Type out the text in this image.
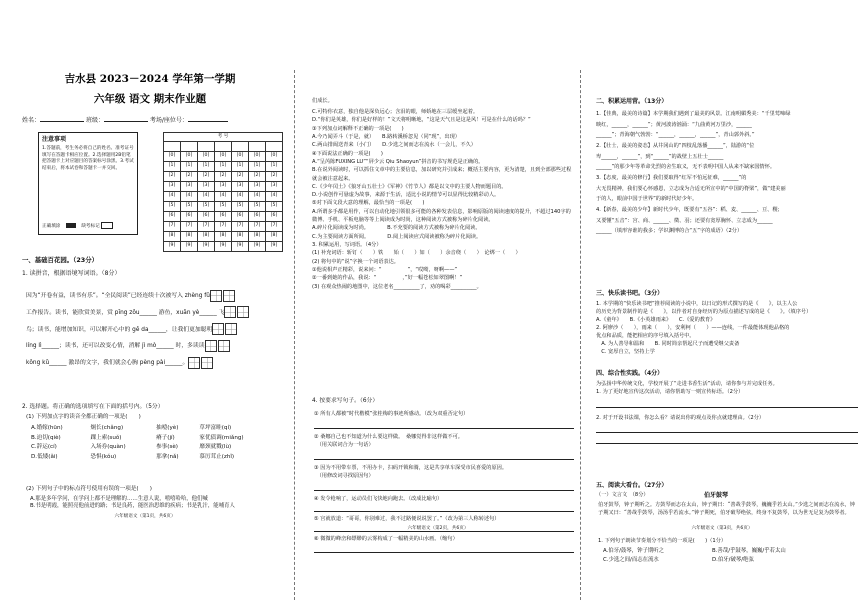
吉水县 2023－2024 学年第一学期
六年级 语文 期末作业题
姓名：	班级：	考场/座位号：
注意事项
1.答题前，考生务必将自己的姓名、准考证号填写在答题卡相应位置。2.选择题用2B铅笔把答题卡上对应题目的答案标号涂黑。3.考试结束后，将本试卷和答题卡一并交回。
正确填涂	缺考标记
考 号						

[0]	[0]	[0]	[0]	[0]	[0]	[0]
[1]	[1]	[1]	[1]	[1]	[1]	[1]
[2]	[2]	[2]	[2]	[2]	[2]	[2]
[3]	[3]	[3]	[3]	[3]	[3]	[3]
[4]	[4]	[4]	[4]	[4]	[4]	[4]
[5]	[5]	[5]	[5]	[5]	[5]	[5]
[6]	[6]	[6]	[6]	[6]	[6]	[6]
[7]	[7]	[7]	[7]	[7]	[7]	[7]
[8]	[8]	[8]	[8]	[8]	[8]	[8]
[9]	[9]	[9]	[9]	[9]	[9]	[9]
一、基础百花园。（23分）
1. 读拼音，根据语境写词语。（8分）

因为“开卷有益，读书有乐”。“全民阅读”已经连续十次被写入 zhèng fǔ

工作报告。读书，能欣赏美景，赏 pīng zōu______ 游鱼，xuān yè______ 飞

鸟；读书，能增加知识，可以解开心中的 gě da______，让我们更加聪明

líng lì______；读书，还可以改变心情，消解 jì mò______ 时，多读读

kǒng kǔ______ 激昂的文字，我们就会心胸 pèng pài______。

2. 选择题。将正确的选项填写在下面的括号内。（5分）
(1) 下列加点字的读音全都正确的一项是(　　)
A.婚嫁(hūn)	炯长(chǎng)	抽噎(yè)	草坪富畦(qí)
B.迫切(qiè)	踝上索(suǒ)	瘠子(jí)	家优债调(miǎng)
C.辞运(cí)	入场券(quàn)	参事(sè)	靡颈就戮(lù)
D.低矮(ǎi)	恐惧(kǒu)	那拿(nǎ)	慕厉茸止(zhǐ)
(2) 下列句子中的标点符号使用有误的一项是(　　)

A.那是多年学问，在学问上都不是理解的……生意人说，嘻嘻哈哈，他们喊

B.书是明霞，能照亮他前进的路；书是良药，能医治思维的疾病；书是乳汁，能哺育人

六年级语文（第1页，共6页）
们成长。

C.可特你衣意，独自他是深负远心；含泪的眼，师娇地在三层缓坐起着。

D.“你们是英雄，你们是好样的！”文天将明晰地，“这是天气且是这是风！可是在什么的话吗？”

③下列加点词解释不正确的一项是(　　)

A.今乃闻弄斗（于是，就）　　B.路转溪桥忽见（同“现”，出现）

C.两山排闼送青来（小门）　　D.少选之间而志在流水（一会儿，不久）

④下面说法正确的一项是(　　)

A.“呈芮陈FUXING LU”“屏少云 Qiu Shaoyun”拼音的书写规范是正确的。

B.在说外阅读时，可以抓住文章中的主要信息，加以研究并引成来；概括主要内容，更为清楚，且到全部那些过程就会被注意起来。

C.《少年闰土》《狼牙山五壮士》《军神》《竹节人》都是以文中的主要人物而题目的。

D.小说创作可悬虚为故事，来源于生活，适比小说的情节可以显得比较精彩动人。

⑤对下面文段大意的理解，最恰当的一项是(　　)

A.所谓多手都是用作，可以自动化地引领很多可能的各种发表信息，影响原版的阅读速度的提升，不超过140字的微博、手机、平板电脑等等上阅读成为时尚，这种阅读方式被称为碎片化阅读。

A.碎片化阅读成为时尚。　　　　B.不充要的阅读方式被称为碎片化阅读。

C.为主要阅读方面所阅。　　　　D.阅上阅读应式阅读被称为碎片化阅读。

3. 积累运用，写词语。（4分）

(1) 补充词语：斩钉（　　）铁　　始（　　）如（　　）余音绕（　　）　论绑一（　　）

(2) 将句中的“说”字换一个词语表达。

①他说相声正精彩，说来问：“　　　　　”，“哎呦，呀啊——”

②一番到她的作品，我说：“　　　　　，”好一幅苍松如翠图啊！”

(3) 在观众热闹的地图中，这位老名__________了，劝的喝彩__________。

4. 按要求写句子。（6分）

① 所有人都被“时代楷模”张桂梅的事迹所感动。（改为双重否定句）

② 桑娜自己也不知道为什么要这样做。　桑娜觉得非这样做不可。

　（用关联词合为一句话）

③ 因为不用带车票，不用办卡，扫码开锁和骑，这是共享单车深受市民喜爱的原因。

　（用修改词寻找原因句）

④ 发令枪响了，运动员们飞快地向跑去。（改成比喻句）

⑤ 宫就放道：“哥哥，你别难过，我不过路便说说罢了。”（改为第三人称转述句）

⑥ 微微的峰峦和缥缈的云雾构成了一幅精美的山水画。（缩句）

六年级语文（第2页，共6页）
二、积累运用营。（13分）

1.【佳典，最美的诗篇】本学期我们遇到了最美的风景。江南明媚秀美：“千里莺啼绿

映红，______，______”；黄河波涛汹涌：“九曲黄河万里沙，______

______”；青海朝气勃勃：“______，______，______”，青山郭外斜。”

2.【壮士，最美的姿态】从井冈山的“四枝乱落播______”，陆游的“位

卑______，______”，到“______”的战壁上五壮士______

______”的那少年等革命先烈的舍生取义，无不表明中国人从来不缺家国情怀。

3.【态度，最美的修行】我们要取得“红军不怕远征难，______”的

大无畏精神，我们要心怀感恩，立志成为合适无所宣中的“中国的脊梁”，做“建美丽

于的人，眼前中国于世界”的新时代好少年。

4.【新春，最美的少年】新时代少年，既要有“五谷”：稻、麦、______、豆、稷；

又要懂“五音”：宫、商、______、徵、羽；还要有宽厚胸怀、立志成为______

______（填形容谁的我多；学识渊博的合“五”字的成语）（2分）

三、快乐读书吧。（3分）

1. 本学期的“快乐读书吧”推荐阅读的小说中，以日记的形式撰写的是《　　》，以主人公

的历史为背景制作的是《　　》，以作者对自身经历的为原点描述写成的是《　　》。（填序号）

A.《童年》　　B.《小英雄雨来》　　C.《爱的教育》

2. 阿廖沙（　　），雨来（　　），安利柯（　　）——连线，一件最能体现他品格的

优点和品质，能把相应的序号填入括号中。

　A. 为人善导和温和　　B. 同时简亲帮起尺子而遭受继父责备

　C. 宽厚自立，坚持上学

四、综合性实践。（4分）

为弘扬中华传统文化，学校开展了“走进书香生活”活动，请你参与并完成任务。

1. 为了更好地宣传这次活动，请你帮助写一则宣传标语。（2分）

2. 对于开设书法课，你怎么看？请说出你的观点及你点就建理由。（2分）

五、阅读大看台。（27分）
（一）文言文　（8分）	伯牙鼓琴
伯牙鼓琴，钟子期听之。方鼓琴而志在太山，钟子期曰：“善哉乎鼓琴，巍巍乎若太山。”少选之间而志在流水，钟子期又曰：“善哉乎鼓琴，汤汤乎若流水。”钟子期死，伯牙破琴绝弦，终身不复鼓琴，以为世无足复为鼓琴者。
1. 下列句子朗读节奏划分不恰当的一项是(　　)（1分）
A.伯牙/鼓琴，钟子期听之	B.善哉/乎鼓琴，巍巍/乎若太山
C.少选之间/而志在流水	D.伯牙/破琴/绝弦
六年级语文（第3页，共6页）
